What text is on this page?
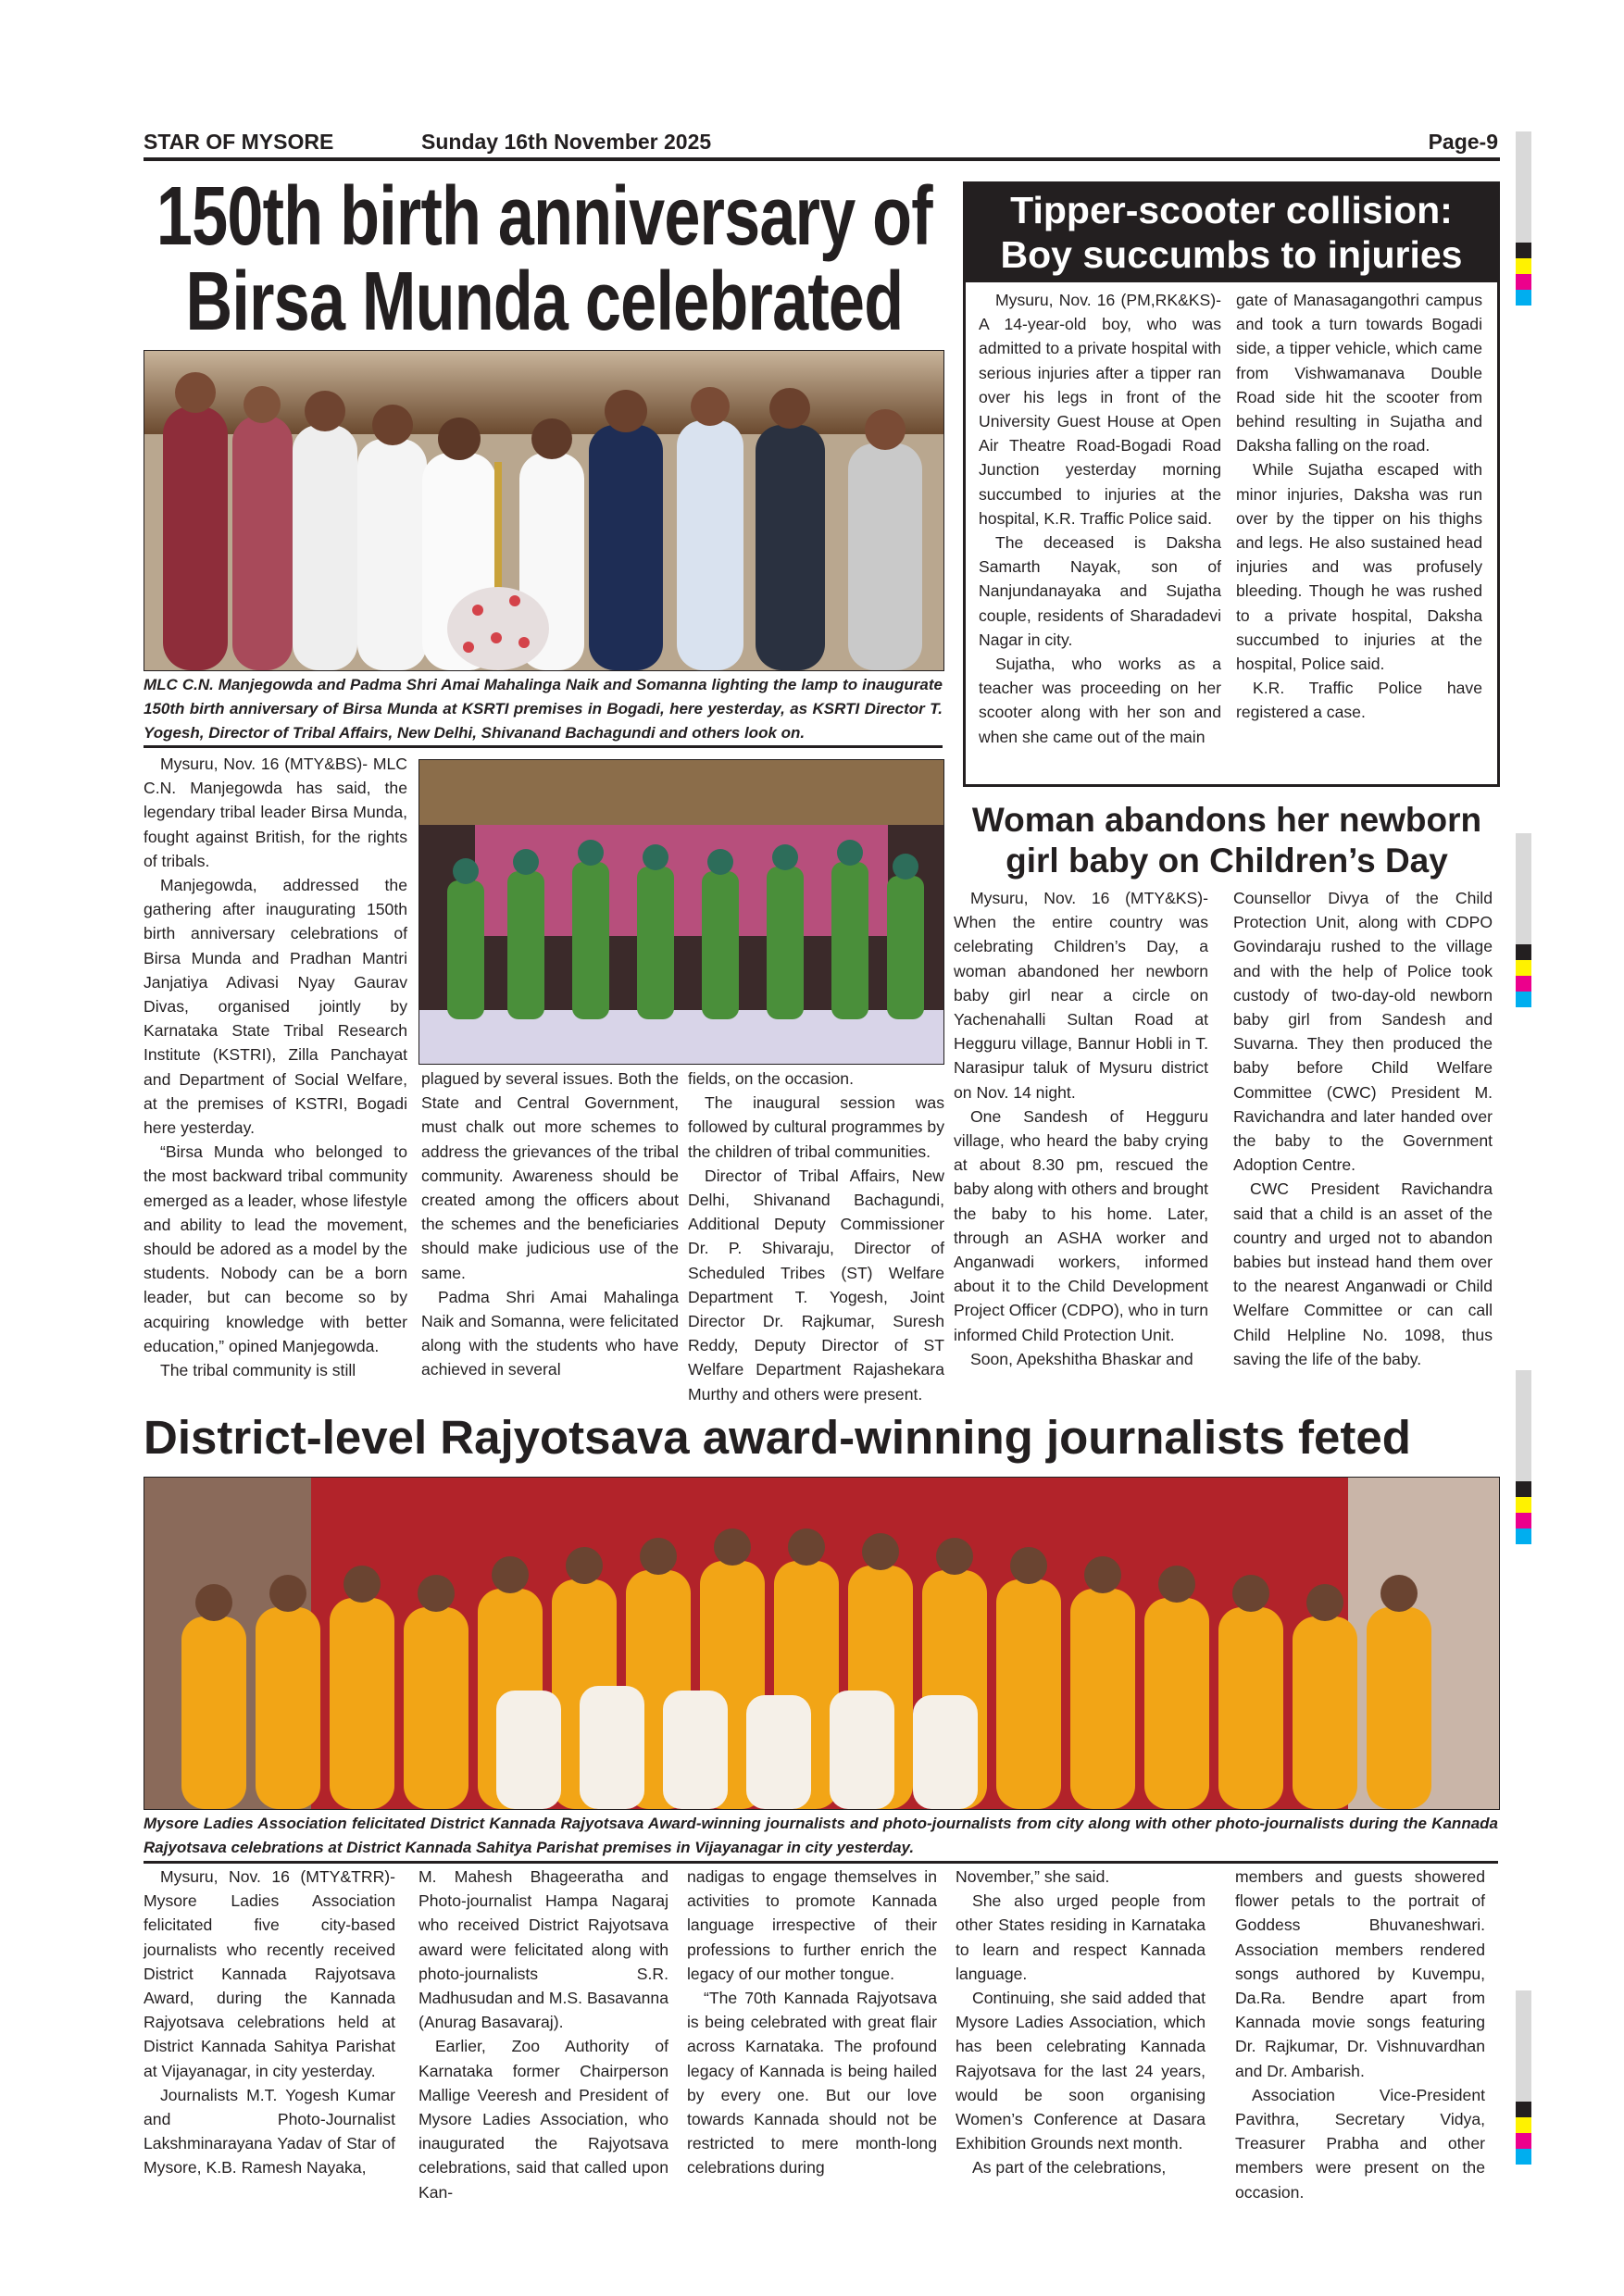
STAR OF MYSORE	Sunday 16th November 2025	Page-9
150th birth anniversary of
Birsa Munda celebrated
MLC C.N. Manjegowda and Padma Shri Amai Mahalinga Naik and Somanna lighting the lamp to inaugurate 150th birth anniversary of Birsa Munda at KSRTI premises in Bogadi, here yesterday, as KSRTI Director T. Yogesh, Director of Tribal Affairs, New Delhi, Shivanand Bachagundi and others look on.

Mysuru, Nov. 16 (MTY&BS)- MLC C.N. Manjegowda has said, the legendary tribal leader Birsa Munda, fought against British, for the rights of tribals.

Manjegowda, addressed the gathering after inaugurating 150th birth anniversary celebrations of Birsa Munda and Pradhan Mantri Janjatiya Adivasi Nyay Gaurav Divas, organised jointly by Karnataka State Tribal Research Institute (KSTRI), Zilla Panchayat and Department of Social Welfare, at the premises of KSTRI, Bogadi here yesterday.

“Birsa Munda who belonged to the most backward tribal community emerged as a leader, whose lifestyle and ability to lead the movement, should be adored as a model by the students. Nobody can be a born leader, but can become so by acquiring knowledge with better education,” opined Manjegowda.

The tribal community is still

plagued by several issues. Both the State and Central Government, must chalk out more schemes to address the grievances of the tribal community. Awareness should be created among the officers about the schemes and the beneficiaries should make judicious use of the same.

Padma Shri Amai Mahalinga Naik and Somanna, were felicitated along with the students who have achieved in several

fields, on the occasion.

The inaugural session was followed by cultural programmes by the children of tribal communities.

Director of Tribal Affairs, New Delhi, Shivanand Bachagundi, Additional Deputy Commissioner Dr. P. Shivaraju, Director of Scheduled Tribes (ST) Welfare Department T. Yogesh, Joint Director Dr. Rajkumar, Suresh Reddy, Deputy Director of ST Welfare Department Rajashekara Murthy and others were present.

Tipper-scooter collision:
Boy succumbs to injuries

Mysuru, Nov. 16 (PM,RK&KS)- A 14-year-old boy, who was admitted to a private hospital with serious injuries after a tipper ran over his legs in front of the University Guest House at Open Air Theatre Road-Bogadi Road Junction yesterday morning succumbed to injuries at the hospital, K.R. Traffic Police said.

The deceased is Daksha Samarth Nayak, son of Nanjundanayaka and Sujatha couple, residents of Sharadadevi Nagar in city.

Sujatha, who works as a teacher was proceeding on her scooter along with her son and when she came out of the main

gate of Manasagangothri campus and took a turn towards Bogadi side, a tipper vehicle, which came from Vishwamanava Double Road side hit the scooter from behind resulting in Sujatha and Daksha falling on the road.

While Sujatha escaped with minor injuries, Daksha was run over by the tipper on his thighs and legs. He also sustained head injuries and was profusely bleeding. Though he was rushed to a private hospital, Daksha succumbed to injuries at the hospital, Police said.

K.R. Traffic Police have registered a case.

Woman abandons her newborn
girl baby on Children’s Day

Mysuru, Nov. 16 (MTY&KS)- When the entire country was celebrating Children’s Day, a woman abandoned her newborn baby girl near a circle on Yachenahalli Sultan Road at Hegguru village, Bannur Hobli in T. Narasipur taluk of Mysuru district on Nov. 14 night.

One Sandesh of Hegguru village, who heard the baby crying at about 8.30 pm, rescued the baby along with others and brought the baby to his home. Later, through an ASHA worker and Anganwadi workers, informed about it to the Child Development Project Officer (CDPO), who in turn informed Child Protection Unit.

Soon, Apekshitha Bhaskar and

Counsellor Divya of the Child Protection Unit, along with CDPO Govindaraju rushed to the village and with the help of Police took custody of two-day-old newborn baby girl from Sandesh and Suvarna. They then produced the baby before Child Welfare Committee (CWC) President M. Ravichandra and later handed over the baby to the Government Adoption Centre.

CWC President Ravichandra said that a child is an asset of the country and urged not to abandon babies but instead hand them over to the nearest Anganwadi or Child Welfare Committee or can call Child Helpline No. 1098, thus saving the life of the baby.

District-level Rajyotsava award-winning journalists feted
Mysore Ladies Association felicitated District Kannada Rajyotsava Award-winning journalists and photo-journalists from city along with other photo-journalists during the Kannada Rajyotsava celebrations at District Kannada Sahitya Parishat premises in Vijayanagar in city yesterday.

Mysuru, Nov. 16 (MTY&TRR)- Mysore Ladies Association felicitated five city-based journalists who recently received District Kannada Rajyotsava Award, during the Kannada Rajyotsava celebrations held at District Kannada Sahitya Parishat at Vijayanagar, in city yesterday.

Journalists M.T. Yogesh Kumar and Photo-Journalist Lakshminarayana Yadav of Star of Mysore, K.B. Ramesh Nayaka,

M. Mahesh Bhageeratha and Photo-journalist Hampa Nagaraj who received District Rajyotsava award were felicitated along with photo-journalists S.R. Madhusudan and M.S. Basavanna (Anurag Basavaraj).

Earlier, Zoo Authority of Karnataka former Chairperson Mallige Veeresh and President of Mysore Ladies Association, who inaugurated the Rajyotsava celebrations, said that called upon Kan-

nadigas to engage themselves in activities to promote Kannada language irrespective of their professions to further enrich the legacy of our mother tongue.

“The 70th Kannada Rajyotsava is being celebrated with great flair across Karnataka. The profound legacy of Kannada is being hailed by every one. But our love towards Kannada should not be restricted to mere month-long celebrations during

November,” she said.

She also urged people from other States residing in Karnataka to learn and respect Kannada language.

Continuing, she said added that Mysore Ladies Association, which has been celebrating Kannada Rajyotsava for the last 24 years, would be soon organising Women’s Conference at Dasara Exhibition Grounds next month.

As part of the celebrations,

members and guests showered flower petals to the portrait of Goddess Bhuvaneshwari. Association members rendered songs authored by Kuvempu, Da.Ra. Bendre apart from Kannada movie songs featuring Dr. Rajkumar, Dr. Vishnuvardhan and Dr. Ambarish.

Association Vice-President Pavithra, Secretary Vidya, Treasurer Prabha and other members were present on the occasion.
